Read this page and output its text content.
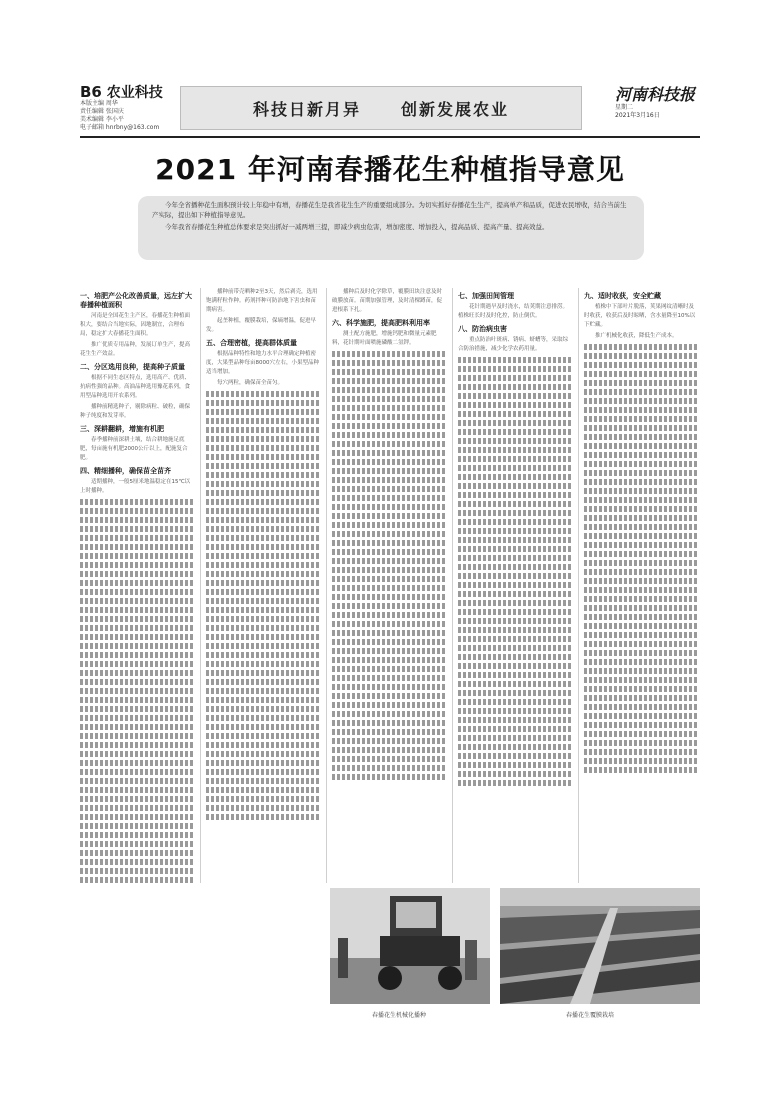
B6 农业科技
本版主编 周华
责任编辑 张国庆
美术编辑 李小平
电子邮箱 hnrbny@163.com
科技日新月异	创新发展农业
河南科技报
星期二
2021年3月16日
2021 年河南春播花生种植指导意见

今年全省播种花生面积预计较上年稳中有增，春播花生是我省花生生产的重要组成部分。为切实抓好春播花生生产，提高单产和品质，促进农民增收，结合当前生产实际，提出如下种植指导意见。

今年我省春播花生种植总体要求是突出抓好一减两增三提，即减少病虫危害，增加密度、增加投入，提高品质、提高产量、提高效益。

一、培肥产公化改善质量，远左扩大春播种植面积

河南是全国花生主产区，春播花生种植面积大，要结合当地实际，因地制宜，合理布局，稳定扩大春播花生面积。

推广优质专用品种，发展订单生产，提高花生生产效益。

二、分区选用良种，提高种子质量

根据不同生态区特点，选用高产、优质、抗病性强的品种。高油品种选用豫花系列，食用型品种选用开农系列。

播种前精选种子，剔除病粒、破粒，确保种子纯度和发芽率。

三、深耕翻耕，增施有机肥

春季播种前深耕土壤，结合耕地施足底肥，每亩施有机肥2000公斤以上，配施复合肥。

四、精细播种，确保苗全苗齐

适期播种，一般5厘米地温稳定在15℃以上时播种。

播种前带壳晒种2至3天，然后剥壳，选用饱满籽粒作种。药剂拌种可防治地下害虫和苗期病害。

起垄种植，覆膜栽培，保墒增温，促进早发。

五、合理密植，提高群体质量

根据品种特性和地力水平合理确定种植密度，大果型品种每亩8000穴左右，小果型品种适当增加。

每穴两粒，确保苗全苗匀。

播种后及时化学除草，覆膜田块注意及时破膜放苗。苗期加强管理，及时清棵蹲苗，促进根系下扎。

六、科学施肥，提高肥料利用率

测土配方施肥，增施钙肥和微量元素肥料，花针期叶面喷施磷酸二氢钾。

七、加强田间管理

花针期遇旱及时浇水，结荚期注意排涝。植株旺长时及时化控，防止倒伏。

八、防治病虫害

重点防治叶斑病、锈病、蛴螬等，采取综合防治措施，减少化学农药用量。

九、适时收获，安全贮藏

植株中下部叶片脱落，荚果网纹清晰时及时收获，收获后及时晾晒，含水量降至10%以下贮藏。

推广机械化收获，降低生产成本。

春播花生机械化播种	春播花生覆膜栽培
